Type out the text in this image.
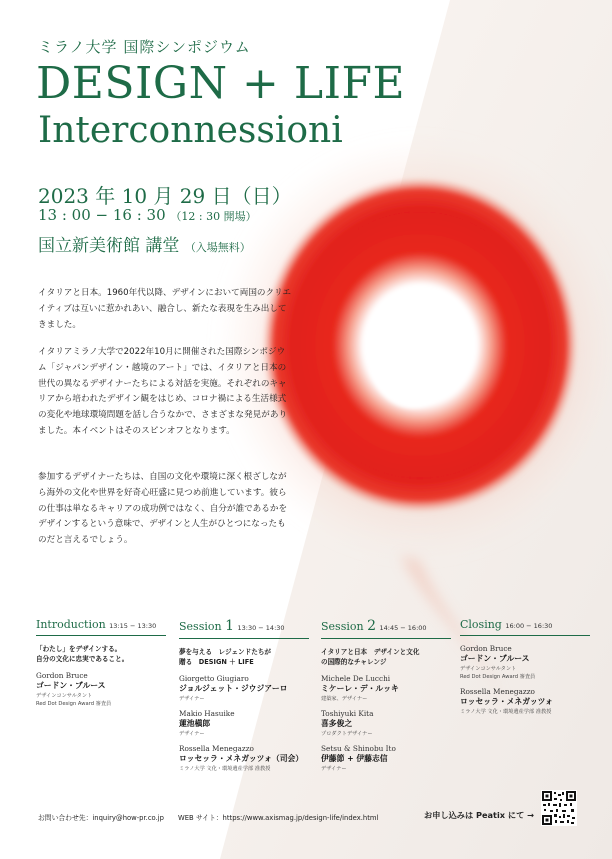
ミラノ大学 国際シンポジウム
DESIGN + LIFE
Interconnessioni
2023 年 10 月 29 日（日）
13 : 00 − 16 : 30 （12 : 30 開場）
国立新美術館 講堂 （入場無料）

イタリアと日本。1960年代以降、デザインにおいて両国のクリエイティブは互いに惹かれあい、融合し、新たな表現を生み出してきました。

イタリアミラノ大学で2022年10月に開催された国際シンポジウム「ジャパンデザイン・越境のアート」では、イタリアと日本の世代の異なるデザイナーたちによる対話を実施。それぞれのキャリアから培われたデザイン観をはじめ、コロナ禍による生活様式の変化や地球環境問題を話し合うなかで、さまざまな発見がありました。本イベントはそのスピンオフとなります。

参加するデザイナーたちは、自国の文化や環境に深く根ざしながら海外の文化や世界を好奇心旺盛に見つめ前進しています。彼らの仕事は単なるキャリアの成功例ではなく、自分が誰であるかをデザインするという意味で、デザインと人生がひとつになったものだと言えるでしょう。

Introduction 13:15 − 13:30
「わたし」をデザインする。
自分の文化に忠実であること。
Gordon Bruce
ゴードン・ブルース
デザインコンサルタント
Red Dot Design Award 審査員
Session 1 13:30 − 14:30
夢を与える　レジェンドたちが
贈る　DESIGN ＋ LIFE
Giorgetto Giugiaro
ジョルジェット・ジウジアーロ
デザイナー
Makio Hasuike
蓮池槇郎
デザイナー
Rossella Menegazzo
ロッセッラ・メネガッツォ（司会）
ミラノ大学 文化・環境遺産学部 准教授
Session 2 14:45 − 16:00
イタリアと日本　デザインと文化
の国際的なチャレンジ
Michele De Lucchi
ミケーレ・デ・ルッキ
建築家、デザイナー
Toshiyuki Kita
喜多俊之
プロダクトデザイナー
Setsu & Shinobu Ito
伊藤節 + 伊藤志信
デザイナー
Closing 16:00 − 16:30
Gordon Bruce
ゴードン・ブルース
デザインコンサルタント
Red Dot Design Award 審査員
Rossella Menegazzo
ロッセッラ・メネガッツォ
ミラノ大学 文化・環境遺産学部 准教授
お問い合わせ先：inquiry@how-pr.co.jp WEB サイト：https://www.axismag.jp/design-life/index.html	お申し込みは Peatix にて →
